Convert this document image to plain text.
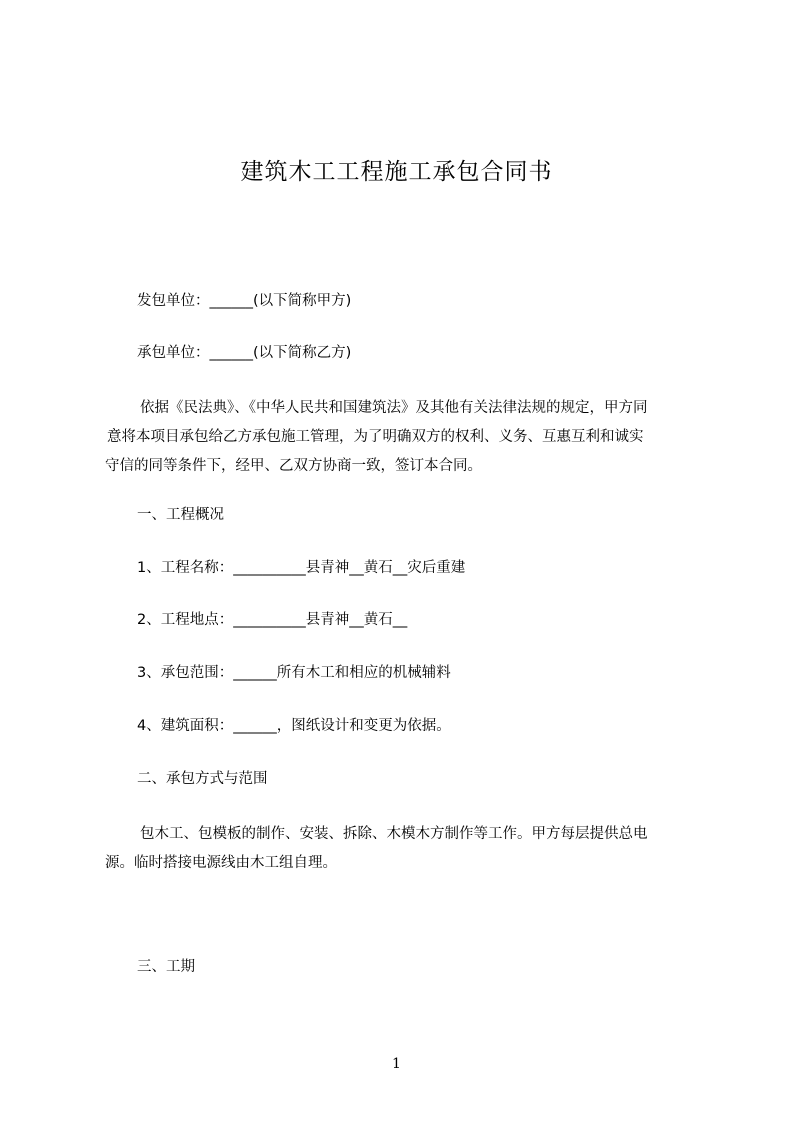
建筑木工工程施工承包合同书
发包单位：______(以下简称甲方)
承包单位：______(以下简称乙方)

依据《民法典》、《中华人民共和国建筑法》及其他有关法律法规的规定，甲方同

意将本项目承包给乙方承包施工管理，为了明确双方的权利、义务、互惠互利和诚实

守信的同等条件下，经甲、乙双方协商一致，签订本合同。

一、工程概况
1、工程名称：__________县青神__黄石__灾后重建
2、工程地点：__________县青神__黄石__
3、承包范围：______所有木工和相应的机械辅料
4、建筑面积：______，图纸设计和变更为依据。
二、承包方式与范围

包木工、包模板的制作、安装、拆除、木模木方制作等工作。甲方每层提供总电

源。临时搭接电源线由木工组自理。

三、工期
1
